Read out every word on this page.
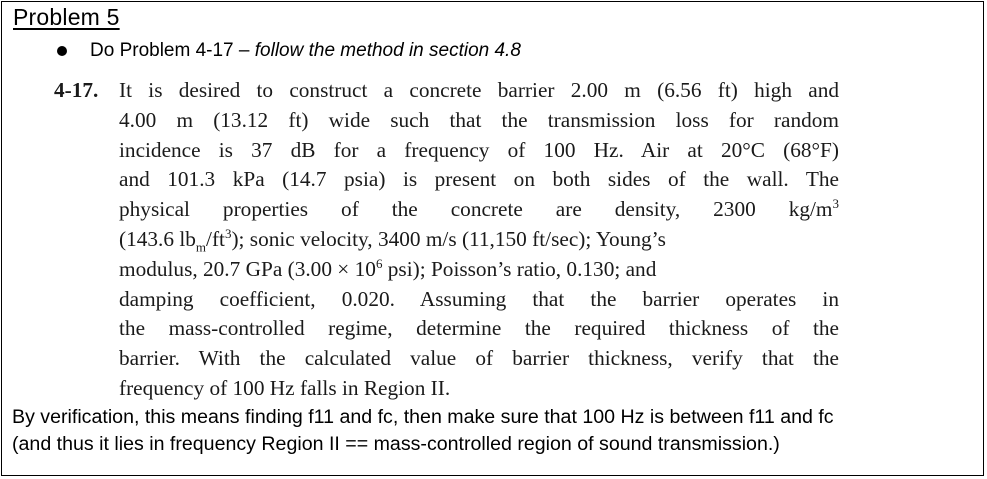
Problem 5
Do Problem 4-17 – follow the method in section 4.8
4-17. It is desired to construct a concrete barrier 2.00 m (6.56 ft) high and
4.00 m (13.12 ft) wide such that the transmission loss for random
incidence is 37 dB for a frequency of 100 Hz. Air at 20°C (68°F)
and 101.3 kPa (14.7 psia) is present on both sides of the wall. The
physical properties of the concrete are density, 2300 $kg/m^3$
(143.6 $lb_m/ft^3$); sonic velocity, 3400 m/s (11,150 ft/sec); Young’s
modulus, 20.7 GPa ($3.00 \times 10^6$ psi); Poisson’s ratio, 0.130; and
damping coefficient, 0.020. Assuming that the barrier operates in
the mass-controlled regime, determine the required thickness of the
barrier. With the calculated value of barrier thickness, verify that the
frequency of 100 Hz falls in Region II.
By verification, this means finding f11 and fc, then make sure that 100 Hz is between f11 and fc
(and thus it lies in frequency Region II == mass-controlled region of sound transmission.)
